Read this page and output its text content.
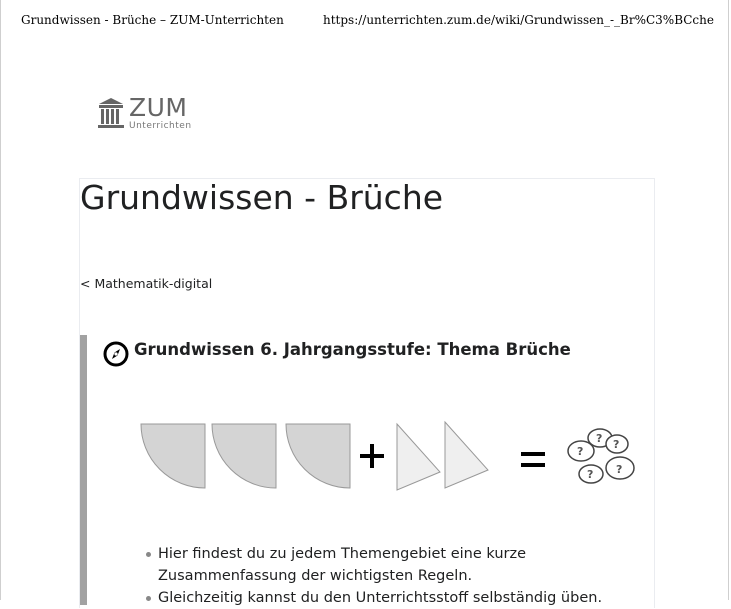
Grundwissen - Brüche – ZUM-Unterrichten	https://unterrichten.zum.de/wiki/Grundwissen_-_Br%C3%BCche
ZUM
Unterrichten
Grundwissen - Brüche
< Mathematik-digital
Grundwissen 6. Jahrgangsstufe: Thema Brüche
?
? ?
? ?
Hier findest du zu jedem Themengebiet eine kurze Zusammenfassung der wichtigsten Regeln.
Gleichzeitig kannst du den Unterrichtsstoff selbständig üben.
